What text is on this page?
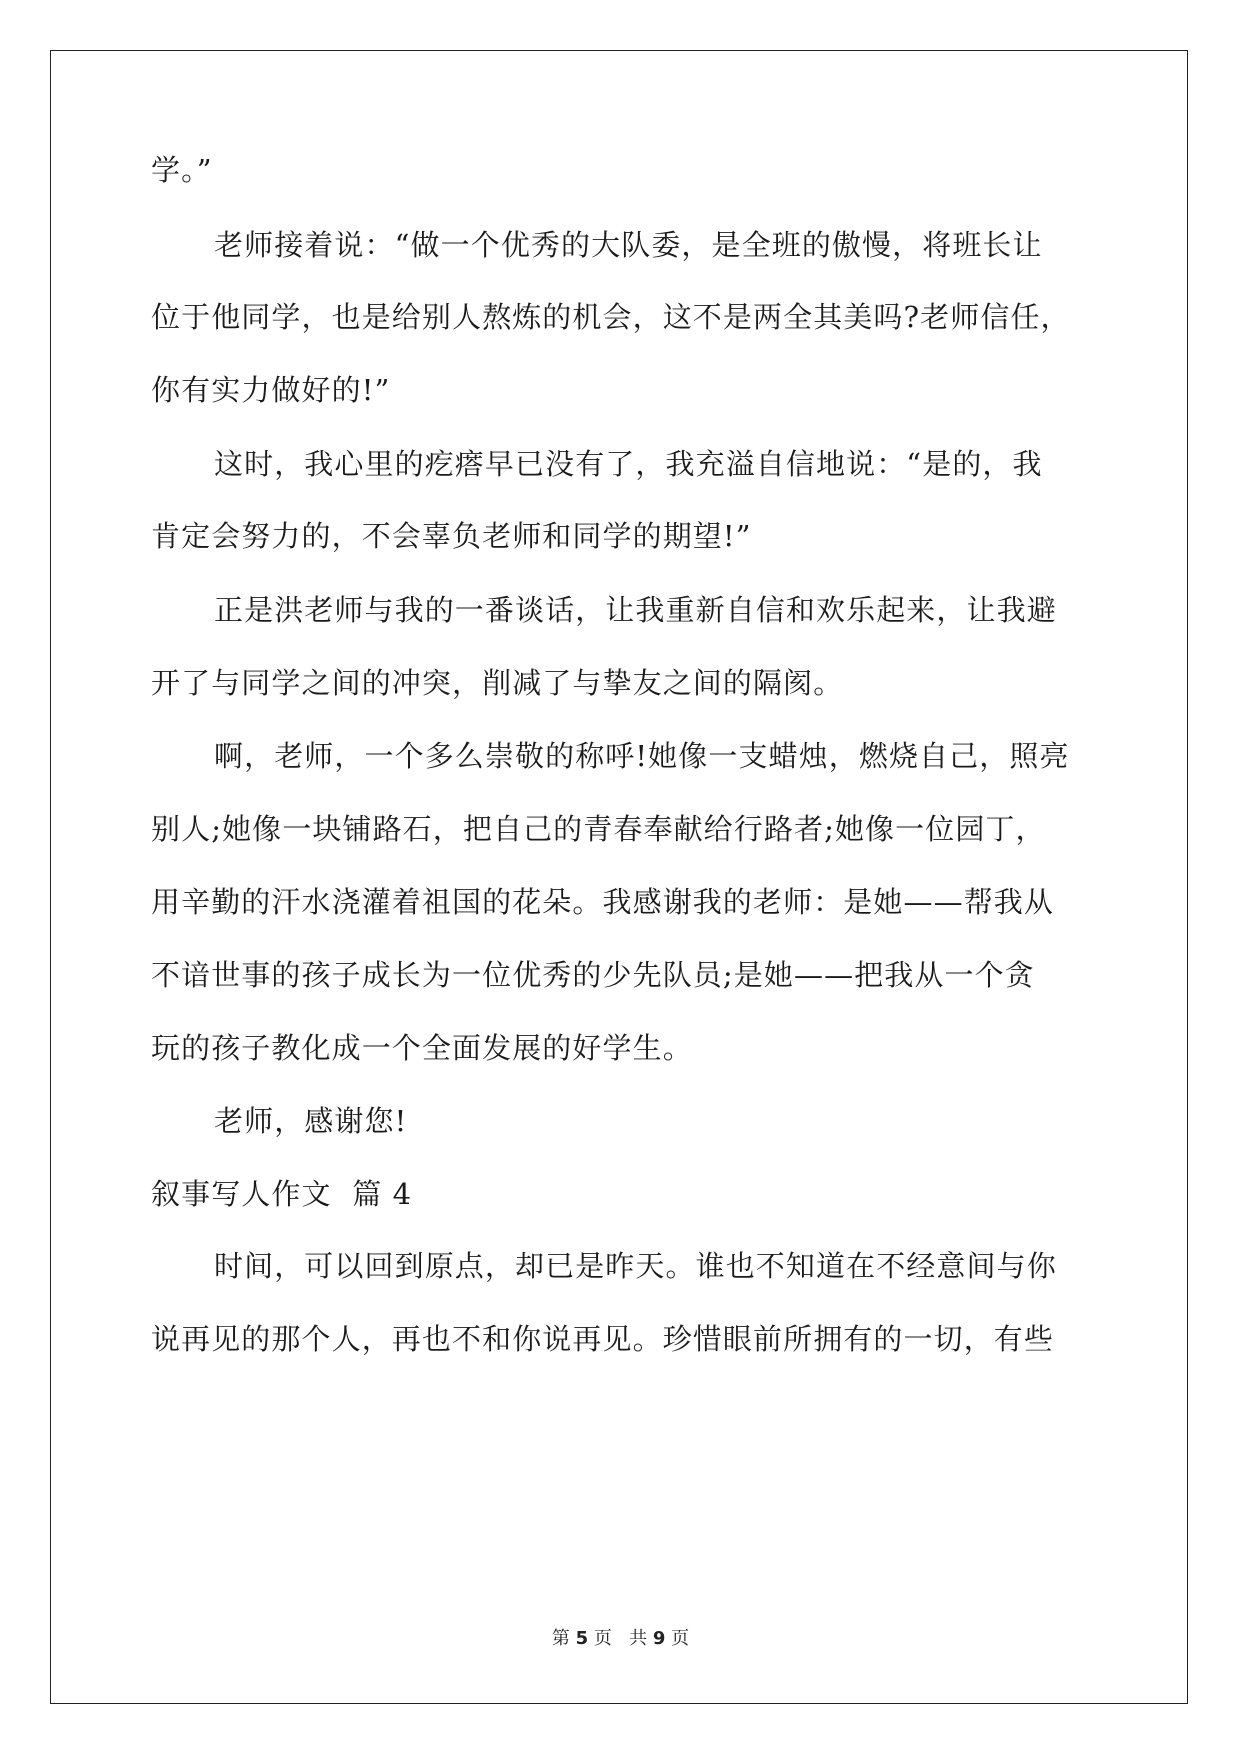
学。”
老师接着说：“做一个优秀的大队委，是全班的傲慢，将班长让
位于他同学，也是给别人熬炼的机会，这不是两全其美吗?老师信任，
你有实力做好的!”
这时，我心里的疙瘩早已没有了，我充溢自信地说：“是的，我
肯定会努力的，不会辜负老师和同学的期望!”
正是洪老师与我的一番谈话，让我重新自信和欢乐起来，让我避
开了与同学之间的冲突，削减了与挚友之间的隔阂。
啊，老师，一个多么崇敬的称呼!她像一支蜡烛，燃烧自己，照亮
别人;她像一块铺路石，把自己的青春奉献给行路者;她像一位园丁，
用辛勤的汗水浇灌着祖国的花朵。我感谢我的老师：是她——帮我从
不谙世事的孩子成长为一位优秀的少先队员;是她——把我从一个贪
玩的孩子教化成一个全面发展的好学生。
老师，感谢您!
叙事写人作文  篇 4
时间，可以回到原点，却已是昨天。谁也不知道在不经意间与你
说再见的那个人，再也不和你说再见。珍惜眼前所拥有的一切，有些
第 5 页   共 9 页
